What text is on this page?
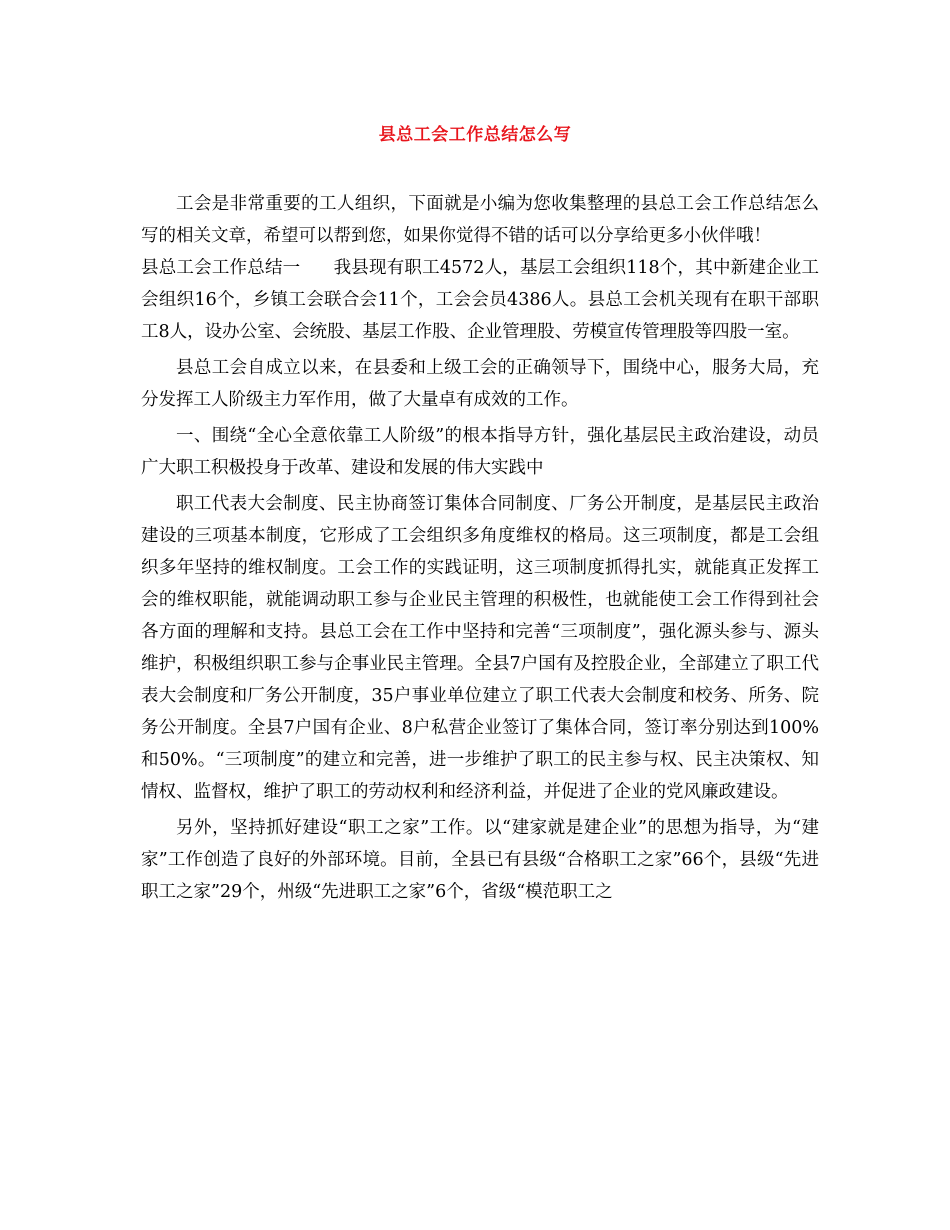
县总工会工作总结怎么写

工会是非常重要的工人组织，下面就是小编为您收集整理的县总工会工作总结怎么写的相关文章，希望可以帮到您，如果你觉得不错的话可以分享给更多小伙伴哦！

县总工会工作总结一 我县现有职工4572人，基层工会组织118个，其中新建企业工会组织16个，乡镇工会联合会11个，工会会员4386人。县总工会机关现有在职干部职工8人，设办公室、会统股、基层工作股、企业管理股、劳模宣传管理股等四股一室。

县总工会自成立以来，在县委和上级工会的正确领导下，围绕中心，服务大局，充分发挥工人阶级主力军作用，做了大量卓有成效的工作。

一、围绕“全心全意依靠工人阶级”的根本指导方针，强化基层民主政治建设，动员广大职工积极投身于改革、建设和发展的伟大实践中

职工代表大会制度、民主协商签订集体合同制度、厂务公开制度，是基层民主政治建设的三项基本制度，它形成了工会组织多角度维权的格局。这三项制度，都是工会组织多年坚持的维权制度。工会工作的实践证明，这三项制度抓得扎实，就能真正发挥工会的维权职能，就能调动职工参与企业民主管理的积极性，也就能使工会工作得到社会各方面的理解和支持。县总工会在工作中坚持和完善“三项制度”，强化源头参与、源头维护，积极组织职工参与企事业民主管理。全县7户国有及控股企业，全部建立了职工代表大会制度和厂务公开制度，35户事业单位建立了职工代表大会制度和校务、所务、院务公开制度。全县7户国有企业、8户私营企业签订了集体合同，签订率分别达到100%和50%。“三项制度”的建立和完善，进一步维护了职工的民主参与权、民主决策权、知情权、监督权，维护了职工的劳动权利和经济利益，并促进了企业的党风廉政建设。

另外，坚持抓好建设“职工之家”工作。以“建家就是建企业”的思想为指导，为“建家”工作创造了良好的外部环境。目前，全县已有县级“合格职工之家”66个，县级“先进职工之家”29个，州级“先进职工之家”6个，省级“模范职工之
